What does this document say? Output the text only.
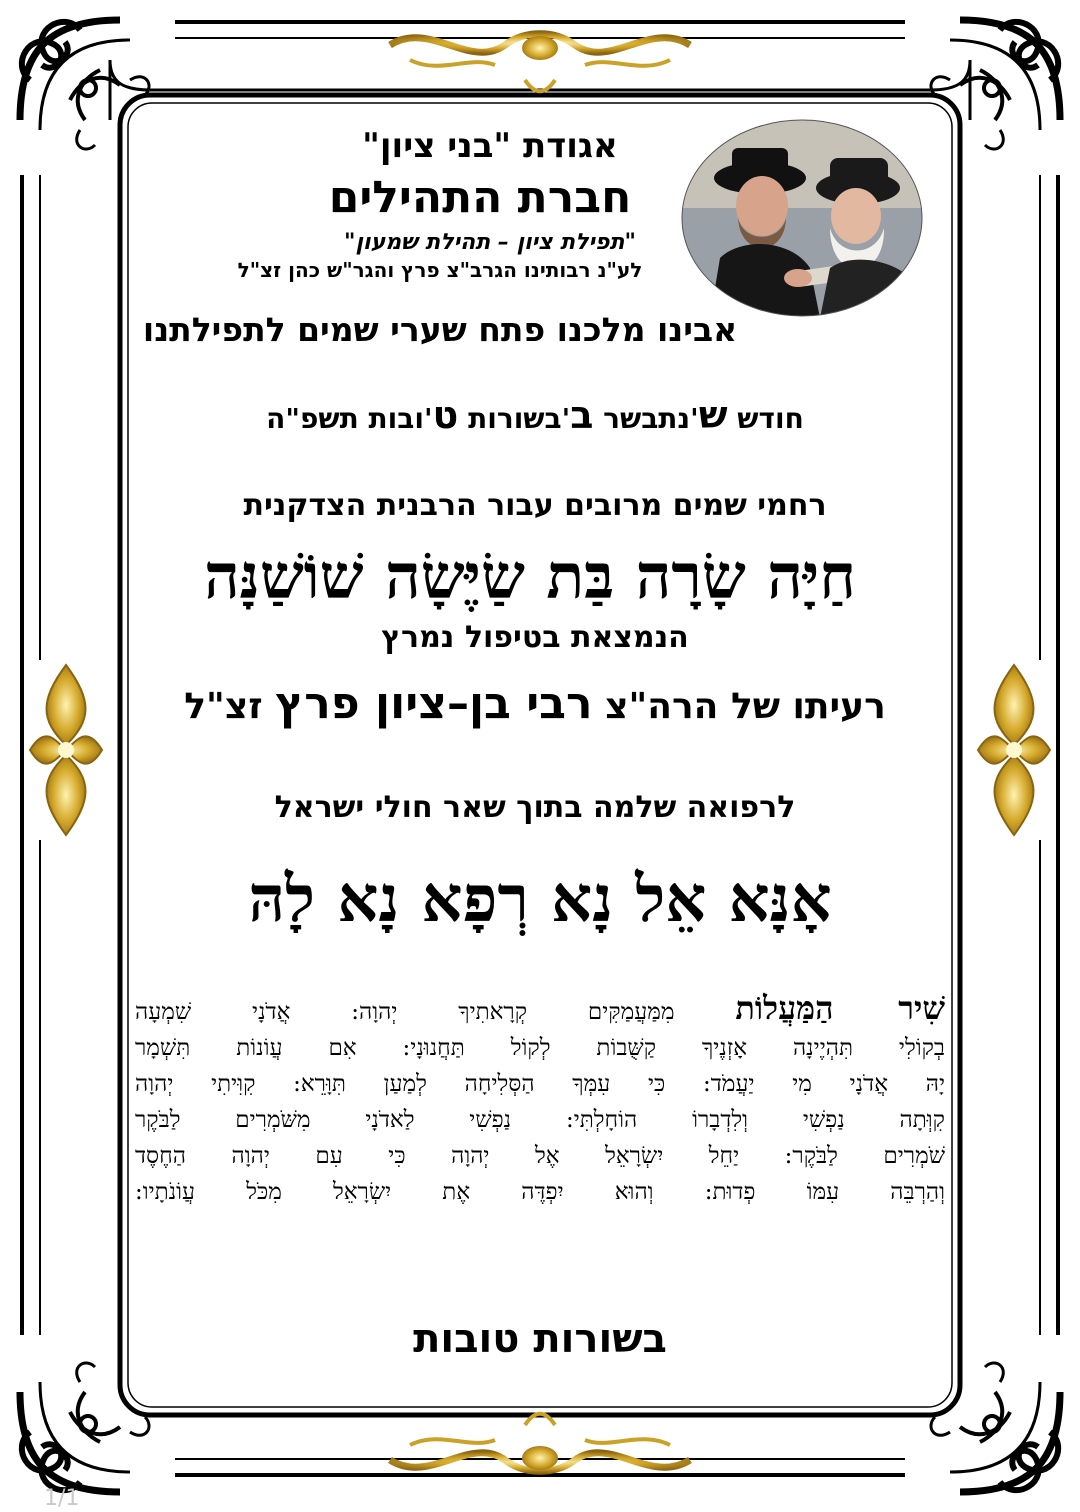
אגודת "בני ציון"
חברת התהילים
"תפילת ציון – תהילת שמעון"
לע"נ רבותינו הגרב"צ פרץ והגר"ש כהן זצ"ל
אבינו מלכנו פתח שערי שמים לתפילתנו
חודש ש'נתבשר ב'בשורות ט'ובות תשפ"ה
רחמי שמים מרובים עבור הרבנית הצדקנית
חַיָּה שָׂרָה בַּת שַׂיֶּשָׂה שׁוֹשַׁנָּה
הנמצאת בטיפול נמרץ
רעיתו של הרה"צ רבי בן–ציון פרץ זצ"ל
לרפואה שלמה בתוך שאר חולי ישראל
אָנָּא אֵל נָא רְפָא נָא לָהּ
שִׁיר הַמַּעֲלוֹת מִמַּעֲמַקִּים קְרָאתִיךָ יְהוָה: אֲדֹנָי שִׁמְעָה
בְקוֹלִי תִּהְיֶינָה אָזְנֶיךָ קַשֻּׁבוֹת לְקוֹל תַּחֲנוּנָי: אִם עֲוֹנוֹת תִּשְׁמָר
יָהּ אֲדֹנָי מִי יַעֲמֹד: כִּי עִמְּךָ הַסְּלִיחָה לְמַעַן תִּוָּרֵא: קִוִּיתִי יְהוָה
קִוְּתָה נַפְשִׁי וְלִדְבָרוֹ הוֹחָלְתִּי: נַפְשִׁי לַאדֹנָי מִשֹּׁמְרִים לַבֹּקֶר
שֹׁמְרִים לַבֹּקֶר: יַחֵל יִשְׂרָאֵל אֶל יְהוָה כִּי עִם יְהוָה הַחֶסֶד
וְהַרְבֵּה עִמּוֹ פְדוּת: וְהוּא יִפְדֶּה אֶת יִשְׂרָאֵל מִכֹּל עֲוֹנֹתָיו:
בשורות טובות
1/1
